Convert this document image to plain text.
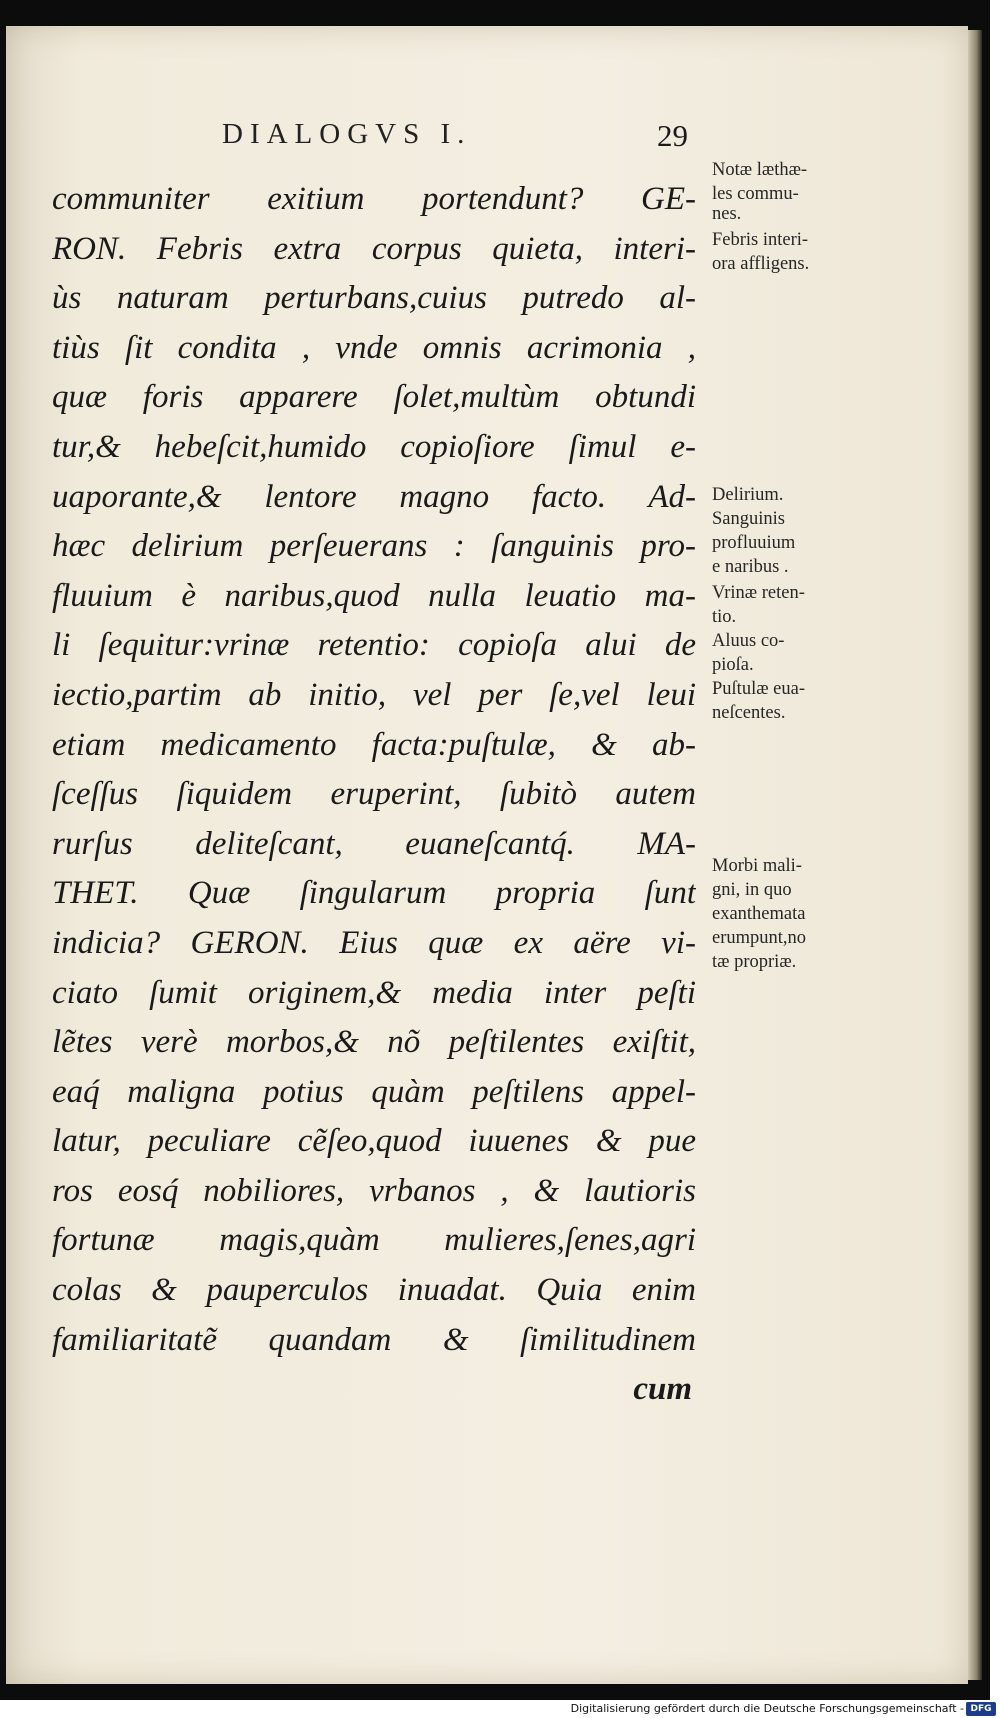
DIALOGVS I.	29
communiter exitium portendunt? GE-
RON. Febris extra corpus quieta, interi-
ùs naturam perturbans,cuius putredo al-
tiùs ſit condita , vnde omnis acrimonia ,
quæ foris apparere ſolet,multùm obtundi
tur,& hebeſcit,humido copioſiore ſimul e-
uaporante,& lentore magno facto. Ad-
hæc delirium perſeuerans : ſanguinis pro-
fluuium è naribus,quod nulla leuatio ma-
li ſequitur:vrinæ retentio: copioſa alui de
iectio,partim ab initio, vel per ſe,vel leui
etiam medicamento facta:puſtulæ, & ab-
ſceſſus ſiquidem eruperint, ſubitò autem
rurſus deliteſcant, euaneſcantq́. MA-
THET. Quæ ſingularum propria ſunt
indicia? GERON. Eius quæ ex aëre vi-
ciato ſumit originem,& media inter peſti
lẽtes verè morbos,& nõ peſtilentes exiſtit,
eaq́ maligna potius quàm peſtilens appel-
latur, peculiare cẽſeo,quod iuuenes & pue
ros eosq́ nobiliores, vrbanos , & lautioris
fortunæ magis,quàm mulieres,ſenes,agri
colas & pauperculos inuadat. Quia enim
familiaritatẽ quandam & ſimilitudinem
cum
Notæ læthæ-
les commu-
nes.
Febris interi-
ora affligens.
Delirium.
Sanguinis
profluuium
e naribus .
Vrinæ reten-
tio.
Aluus co-
pioſa.
Puſtulæ eua-
neſcentes.
Morbi mali-
gni, in quo
exanthemata
erumpunt,no
tæ propriæ.
Digitalisierung gefördert durch die Deutsche Forschungsgemeinschaft - DFG
